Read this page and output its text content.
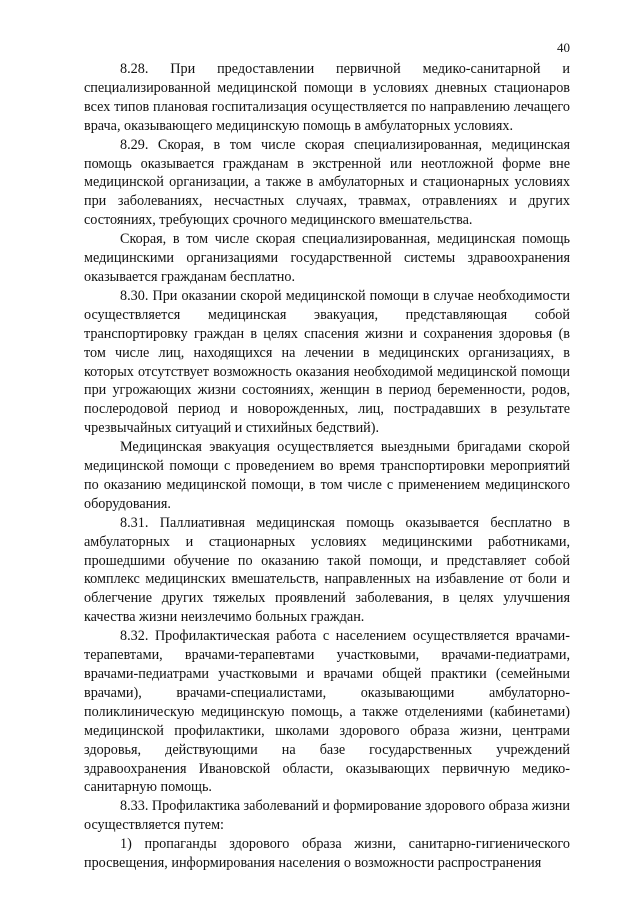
40

8.28. При предоставлении первичной медико-санитарной и специализированной медицинской помощи в условиях дневных стационаров всех типов плановая госпитализация осуществляется по направлению лечащего врача, оказывающего медицинскую помощь в амбулаторных условиях.

8.29. Скорая, в том числе скорая специализированная, медицинская помощь оказывается гражданам в экстренной или неотложной форме вне медицинской организации, а также в амбулаторных и стационарных условиях при заболеваниях, несчастных случаях, травмах, отравлениях и других состояниях, требующих срочного медицинского вмешательства.

Скорая, в том числе скорая специализированная, медицинская помощь медицинскими организациями государственной системы здравоохранения оказывается гражданам бесплатно.

8.30. При оказании скорой медицинской помощи в случае необходимости осуществляется медицинская эвакуация, представляющая собой транспортировку граждан в целях спасения жизни и сохранения здоровья (в том числе лиц, находящихся на лечении в медицинских организациях, в которых отсутствует возможность оказания необходимой медицинской помощи при угрожающих жизни состояниях, женщин в период беременности, родов, послеродовой период и новорожденных, лиц, пострадавших в результате чрезвычайных ситуаций и стихийных бедствий).

Медицинская эвакуация осуществляется выездными бригадами скорой медицинской помощи с проведением во время транспортировки мероприятий по оказанию медицинской помощи, в том числе с применением медицинского оборудования.

8.31. Паллиативная медицинская помощь оказывается бесплатно в амбулаторных и стационарных условиях медицинскими работниками, прошедшими обучение по оказанию такой помощи, и представляет собой комплекс медицинских вмешательств, направленных на избавление от боли и облегчение других тяжелых проявлений заболевания, в целях улучшения качества жизни неизлечимо больных граждан.

8.32. Профилактическая работа с населением осуществляется врачами-терапевтами, врачами-терапевтами участковыми, врачами-педиатрами, врачами-педиатрами участковыми и врачами общей практики (семейными врачами), врачами-специалистами, оказывающими амбулаторно-поликлиническую медицинскую помощь, а также отделениями (кабинетами) медицинской профилактики, школами здорового образа жизни, центрами здоровья, действующими на базе государственных учреждений здравоохранения Ивановской области, оказывающих первичную медико-санитарную помощь.

8.33. Профилактика заболеваний и формирование здорового образа жизни осуществляется путем:

1) пропаганды здорового образа жизни, санитарно-гигиенического просвещения, информирования населения о возможности распространения
